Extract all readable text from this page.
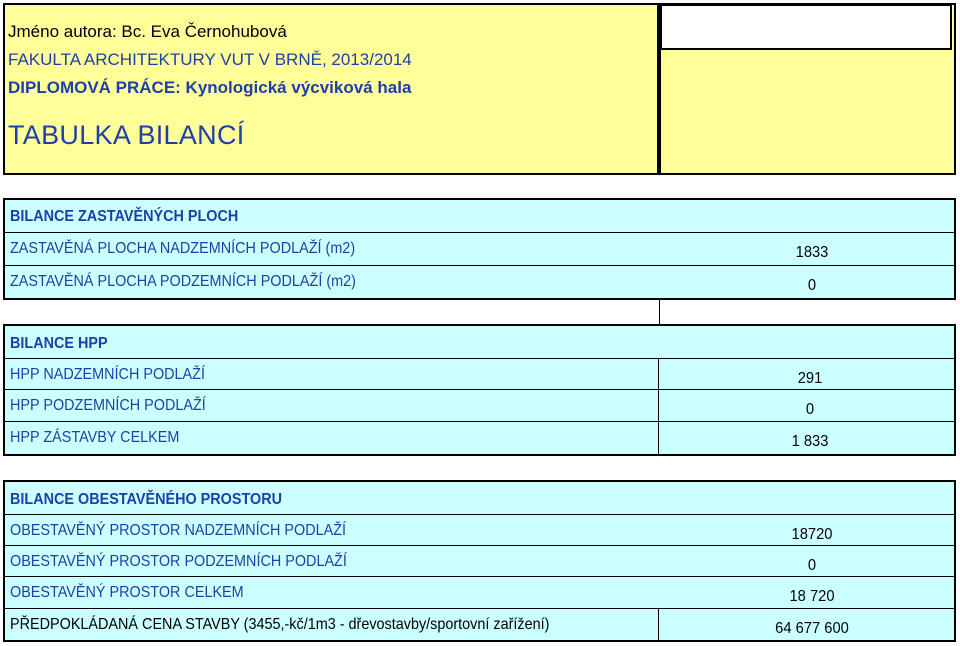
Jméno autora: Bc. Eva Černohubová
FAKULTA ARCHITEKTURY VUT V BRNĚ, 2013/2014
DIPLOMOVÁ PRÁCE: Kynologická výcviková hala
TABULKA BILANCÍ
BILANCE ZASTAVĚNÝCH PLOCH
ZASTAVĚNÁ PLOCHA NADZEMNÍCH PODLAŽÍ (m2)	1833
ZASTAVĚNÁ PLOCHA PODZEMNÍCH PODLAŽÍ (m2)	0
BILANCE HPP
HPP NADZEMNÍCH PODLAŽÍ	291
HPP PODZEMNÍCH PODLAŽÍ	0
HPP ZÁSTAVBY CELKEM	1 833
BILANCE OBESTAVĚNÉHO PROSTORU
OBESTAVĚNÝ PROSTOR NADZEMNÍCH PODLAŽÍ	18720
OBESTAVĚNÝ PROSTOR PODZEMNÍCH PODLAŽÍ	0
OBESTAVĚNÝ PROSTOR CELKEM	18 720
PŘEDPOKLÁDANÁ CENA STAVBY (3455,-kč/1m3 - dřevostavby/sportovní zařížení)	64 677 600
